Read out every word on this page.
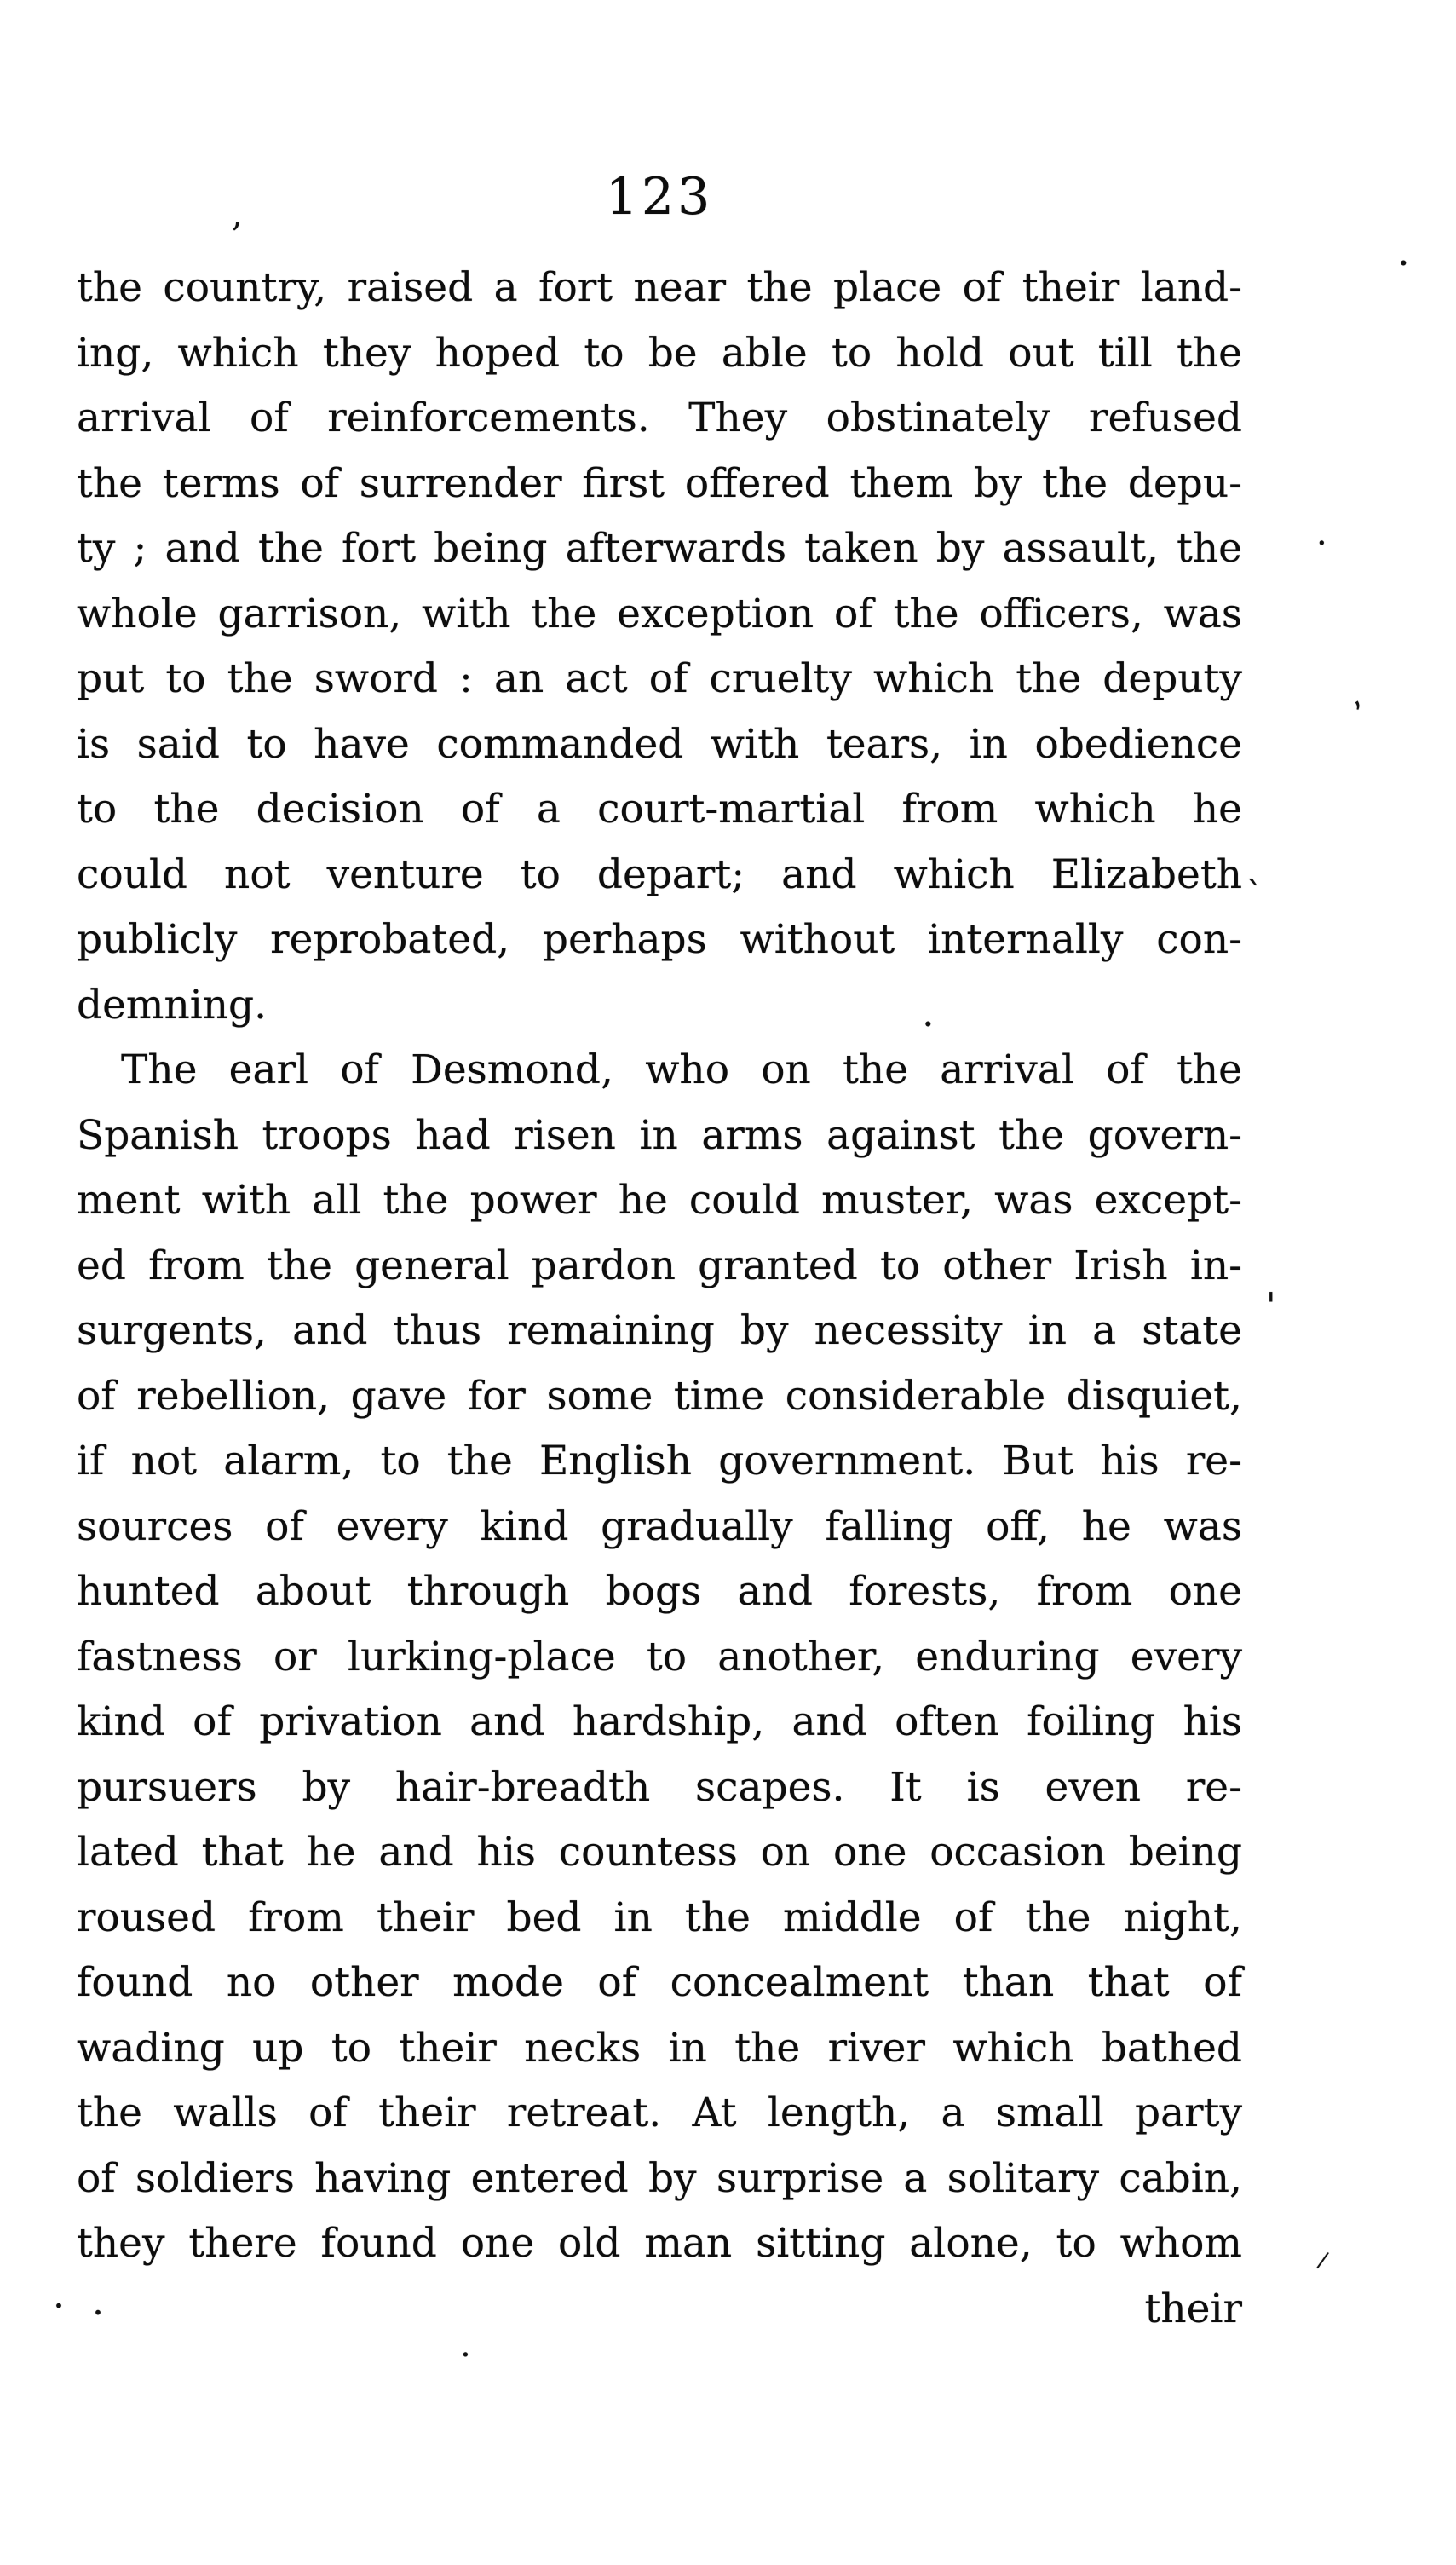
123
the country, raised a fort near the place of their land-
ing, which they hoped to be able to hold out till the
arrival of reinforcements. They obstinately refused
the terms of surrender first offered them by the depu-
ty ; and the fort being afterwards taken by assault, the
whole garrison, with the exception of the officers, was
put to the sword : an act of cruelty which the deputy
is said to have commanded with tears, in obedience
to the decision of a court-martial from which he
could not venture to depart; and which Elizabeth
publicly reprobated, perhaps without internally con-
demning.
The earl of Desmond, who on the arrival of the
Spanish troops had risen in arms against the govern-
ment with all the power he could muster, was except-
ed from the general pardon granted to other Irish in-
surgents, and thus remaining by necessity in a state
of rebellion, gave for some time considerable disquiet,
if not alarm, to the English government. But his re-
sources of every kind gradually falling off, he was
hunted about through bogs and forests, from one
fastness or lurking-place to another, enduring every
kind of privation and hardship, and often foiling his
pursuers by hair-breadth scapes. It is even re-
lated that he and his countess on one occasion being
roused from their bed in the middle of the night,
found no other mode of concealment than that of
wading up to their necks in the river which bathed
the walls of their retreat. At length, a small party
of soldiers having entered by surprise a solitary cabin,
they there found one old man sitting alone, to whom
their
,
.
·
,
`
.
'
/
. .
.
